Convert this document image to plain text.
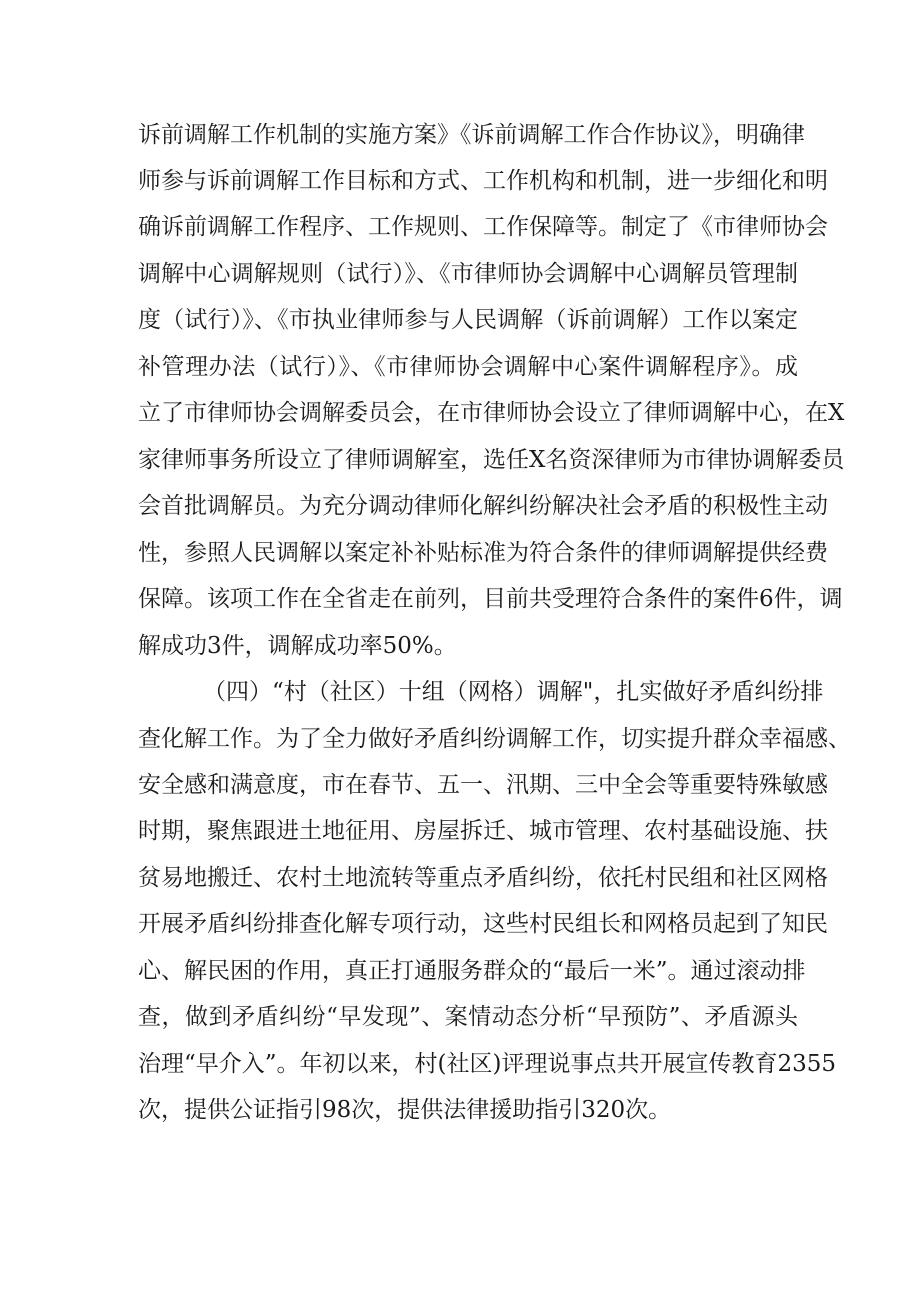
诉前调解工作机制的实施方案》《诉前调解工作合作协议》，明确律

师参与诉前调解工作目标和方式、工作机构和机制，进一步细化和明

确诉前调解工作程序、工作规则、工作保障等。制定了《市律师协会

调解中心调解规则（试行）》、《市律师协会调解中心调解员管理制

度（试行）》、《市执业律师参与人民调解（诉前调解）工作以案定

补管理办法（试行）》、《市律师协会调解中心案件调解程序》。成

立了市律师协会调解委员会，在市律师协会设立了律师调解中心，在X

家律师事务所设立了律师调解室，选任X名资深律师为市律协调解委员

会首批调解员。为充分调动律师化解纠纷解决社会矛盾的积极性主动

性，参照人民调解以案定补补贴标准为符合条件的律师调解提供经费

保障。该项工作在全省走在前列，目前共受理符合条件的案件6件，调

解成功3件，调解成功率50%。

（四）“村（社区）十组（网格）调解"，扎实做好矛盾纠纷排

查化解工作。为了全力做好矛盾纠纷调解工作，切实提升群众幸福感、

安全感和满意度，市在春节、五一、汛期、三中全会等重要特殊敏感

时期，聚焦跟进土地征用、房屋拆迁、城市管理、农村基础设施、扶

贫易地搬迁、农村土地流转等重点矛盾纠纷，依托村民组和社区网格

开展矛盾纠纷排查化解专项行动，这些村民组长和网格员起到了知民

心、解民困的作用，真正打通服务群众的“最后一米”。通过滚动排

查，做到矛盾纠纷“早发现”、案情动态分析“早预防”、矛盾源头

治理“早介入”。年初以来，村(社区)评理说事点共开展宣传教育2355

次，提供公证指引98次，提供法律援助指引320次。
